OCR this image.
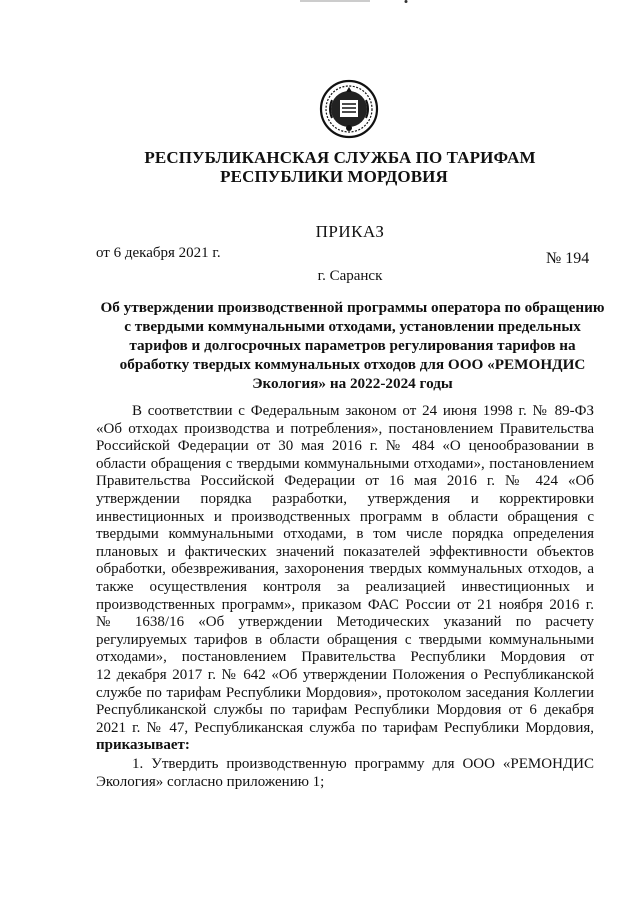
РЕСПУБЛИКАНСКАЯ СЛУЖБА ПО ТАРИФАМ
РЕСПУБЛИКИ МОРДОВИЯ
ПРИКАЗ
от 6 декабря 2021 г.	№ 194
г. Саранск
Об утверждении производственной программы оператора по обращению
с твердыми коммунальными отходами, установлении предельных
тарифов и долгосрочных параметров регулирования тарифов на
обработку твердых коммунальных отходов для ООО «РЕМОНДИС
Экология» на 2022-2024 годы
В соответствии с Федеральным законом от 24 июня 1998 г. № 89-ФЗ
«Об отходах производства и потребления», постановлением Правительства
Российской Федерации от 30 мая 2016 г. № 484 «О ценообразовании в
области обращения с твердыми коммунальными отходами», постановлением
Правительства Российской Федерации от 16 мая 2016 г. № 424 «Об
утверждении порядка разработки, утверждения и корректировки
инвестиционных и производственных программ в области обращения с
твердыми коммунальными отходами, в том числе порядка определения
плановых и фактических значений показателей эффективности объектов
обработки, обезвреживания, захоронения твердых коммунальных отходов, а
также осуществления контроля за реализацией инвестиционных и
производственных программ», приказом ФАС России от 21 ноября 2016 г.
№ 1638/16 «Об утверждении Методических указаний по расчету
регулируемых тарифов в области обращения с твердыми коммунальными
отходами», постановлением Правительства Республики Мордовия от
12 декабря 2017 г. № 642 «Об утверждении Положения о Республиканской
службе по тарифам Республики Мордовия», протоколом заседания Коллегии
Республиканской службы по тарифам Республики Мордовия от 6 декабря
2021 г. № 47, Республиканская служба по тарифам Республики Мордовия,
приказывает:
1. Утвердить производственную программу для ООО «РЕМОНДИС
Экология» согласно приложению 1;
